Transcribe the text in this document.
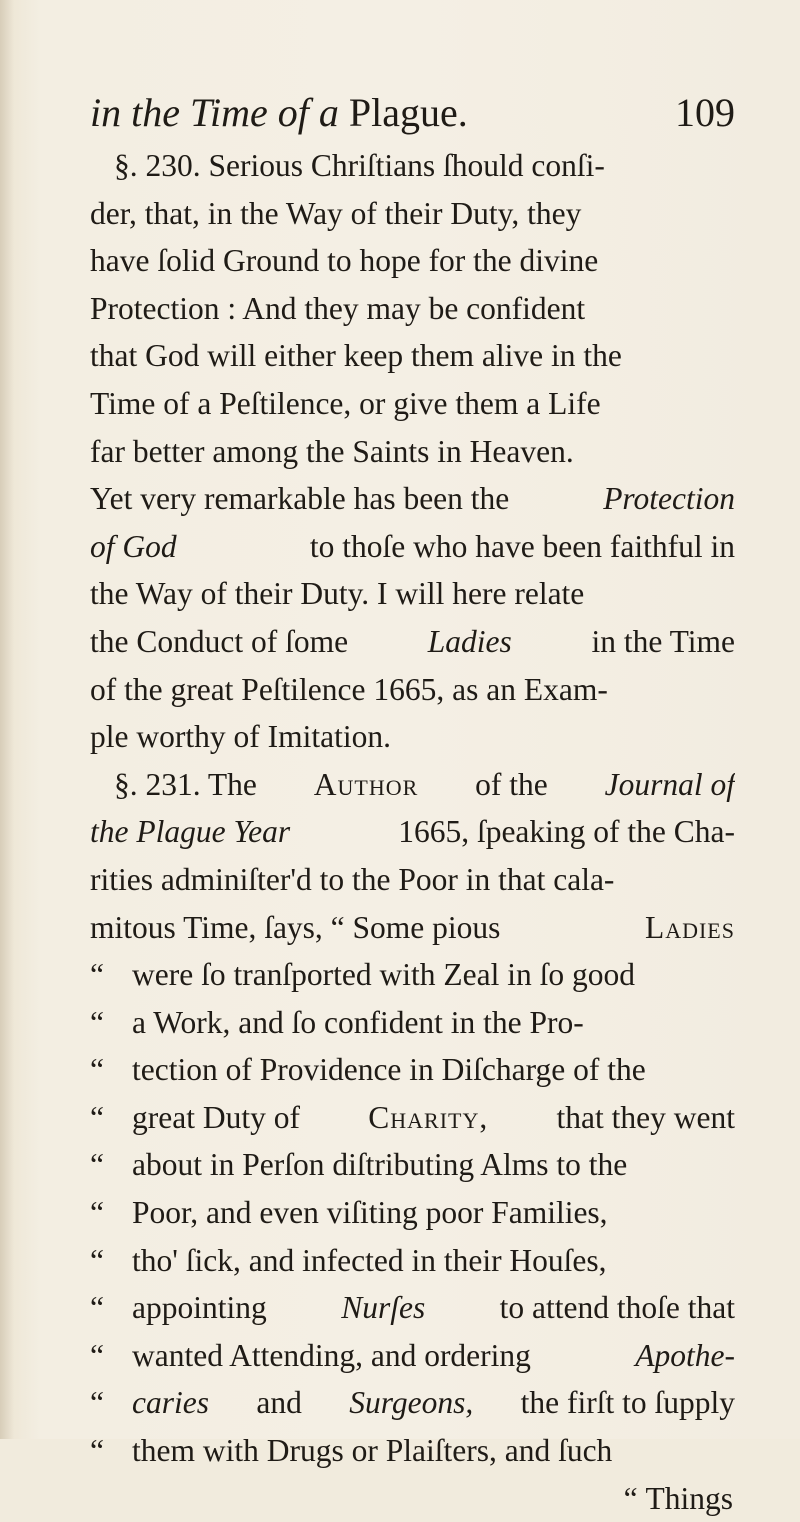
in the Time of a Plague.	109
§. 230. Serious Chriſtians ſhould conſi-
der, that, in the Way of their Duty, they
have ſolid Ground to hope for the divine
Protection : And they may be confident
that God will either keep them alive in the
Time of a Peſtilence, or give them a Life
far better among the Saints in Heaven.
Yet very remarkable has been the	Protection
of God	to thoſe who have been faithful in
the Way of their Duty. I will here relate
the Conduct of ſome	Ladies	in the Time
of the great Peſtilence 1665, as an Exam-
ple worthy of Imitation.
§. 231. The Author of the Journal of
the Plague Year	1665, ſpeaking of the Cha-
rities adminiſter'd to the Poor in that cala-
mitous Time, ſays, “ Some pious	Ladies
“ were ſo tranſported with Zeal in ſo good
“ a Work, and ſo confident in the Pro-
“ tection of Providence in Diſcharge of the
“ great Duty of Charity, that they went
“ about in Perſon diſtributing Alms to the
“ Poor, and even viſiting poor Families,
“ tho' ſick, and infected in their Houſes,
“ appointing Nurſes to attend thoſe that
“ wanted Attending, and ordering	Apothe-
“ caries and Surgeons, the firſt to ſupply
“ them with Drugs or Plaiſters, and ſuch
“
Things
